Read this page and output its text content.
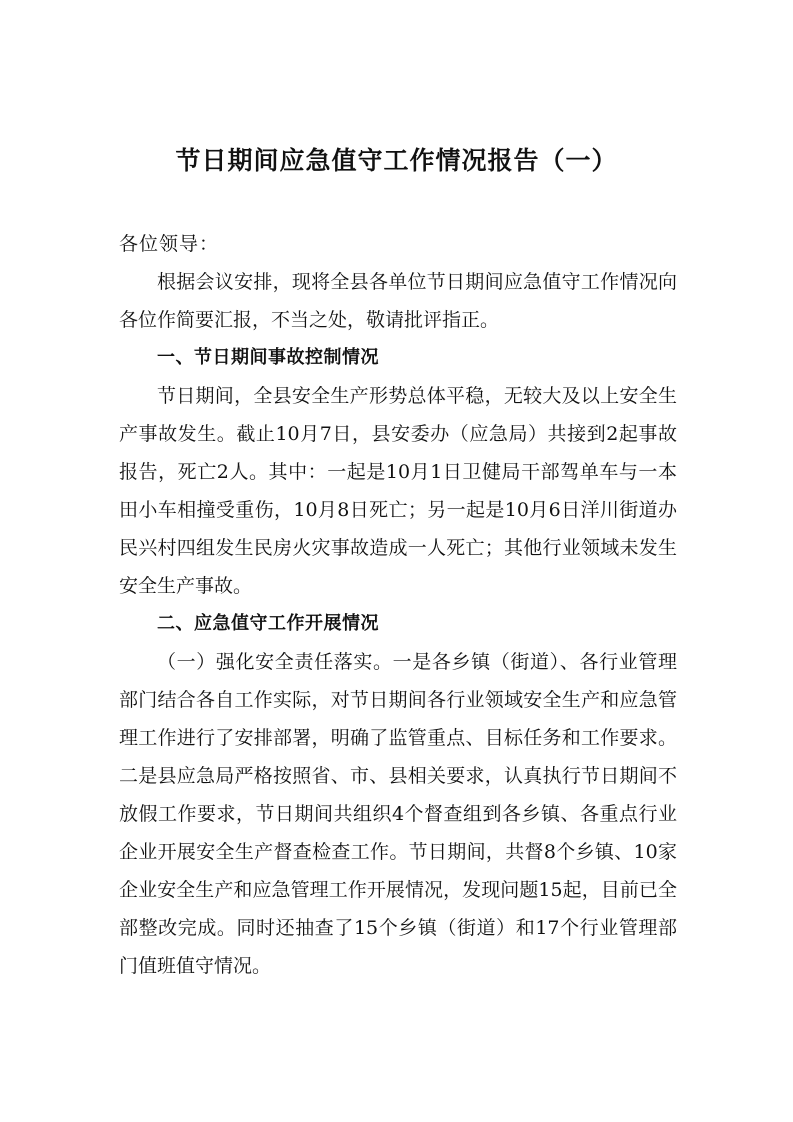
节日期间应急值守工作情况报告（一）

各位领导：

根据会议安排，现将全县各单位节日期间应急值守工作情况向各位作简要汇报，不当之处，敬请批评指正。

一、节日期间事故控制情况

节日期间，全县安全生产形势总体平稳，无较大及以上安全生产事故发生。截止10月7日，县安委办（应急局）共接到2起事故报告，死亡2人。其中：一起是10月1日卫健局干部驾单车与一本田小车相撞受重伤，10月8日死亡；另一起是10月6日洋川街道办民兴村四组发生民房火灾事故造成一人死亡；其他行业领域未发生安全生产事故。

二、应急值守工作开展情况

（一）强化安全责任落实。一是各乡镇（街道）、各行业管理部门结合各自工作实际，对节日期间各行业领域安全生产和应急管理工作进行了安排部署，明确了监管重点、目标任务和工作要求。二是县应急局严格按照省、市、县相关要求，认真执行节日期间不放假工作要求，节日期间共组织4个督查组到各乡镇、各重点行业企业开展安全生产督查检查工作。节日期间，共督8个乡镇、10家企业安全生产和应急管理工作开展情况，发现问题15起，目前已全部整改完成。同时还抽查了15个乡镇（街道）和17个行业管理部门值班值守情况。
